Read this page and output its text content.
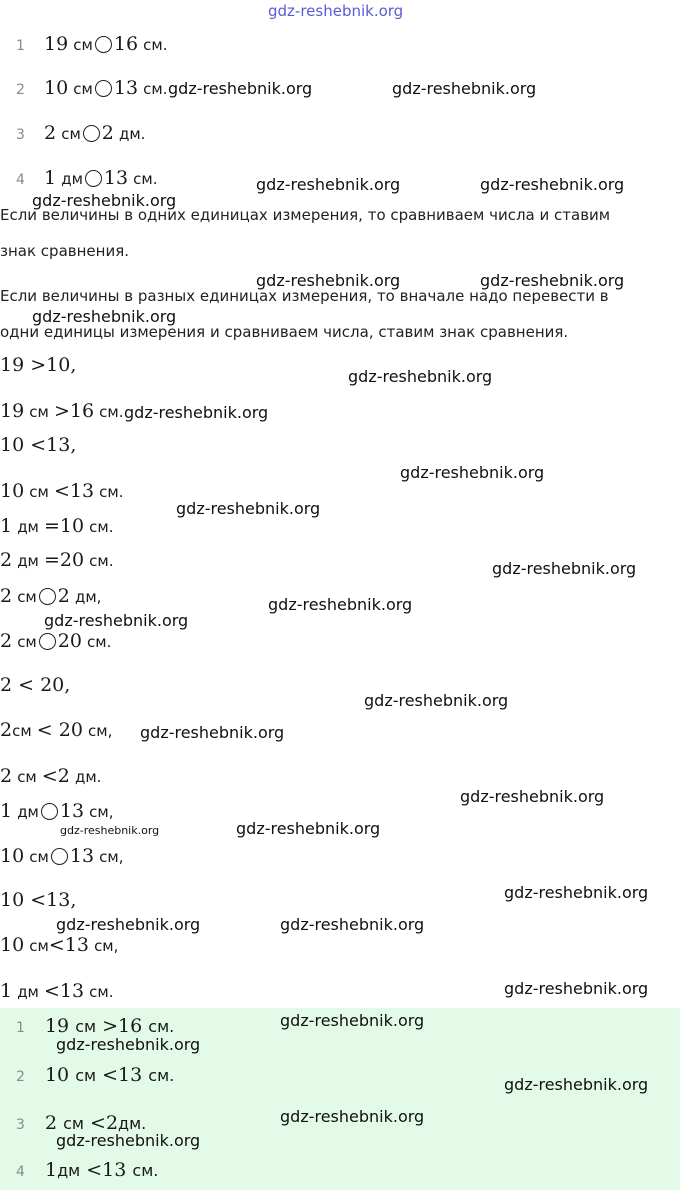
gdz-reshebnik.org
1 19 см 16 см.
2 10 см 13 см.
3 2 см 2 дм.
4 1 дм 13 см.
Если величины в одних единицах измерения, то сравниваем числа и ставим
знак сравнения.
Если величины в разных единицах измерения, то вначале надо перевести в
одни единицы измерения и сравниваем числа, ставим знак сравнения.
19 >10,
19 см >16 см.
10 <13,
10 см <13 см.
1 дм =10 см.
2 дм =20 см.
2 см 2 дм,
2 см 20 см.
2 < 20,
2см < 20 см,
2 см <2 дм.
1 дм 13 см,
10 см 13 см,
10 <13,
10 см<13 см,
1 дм <13 см.
1 19 см >16 см.
2 10 см <13 см.
3 2 см <2дм.
4 1дм <13 см.
gdz-reshebnik.org	gdz-reshebnik.org
gdz-reshebnik.org	gdz-reshebnik.org
gdz-reshebnik.org
gdz-reshebnik.org	gdz-reshebnik.org
gdz-reshebnik.org
gdz-reshebnik.org
gdz-reshebnik.org
gdz-reshebnik.org
gdz-reshebnik.org
gdz-reshebnik.org
gdz-reshebnik.org
gdz-reshebnik.org
gdz-reshebnik.org
gdz-reshebnik.org
gdz-reshebnik.org
gdz-reshebnik.org
gdz-reshebnik.org
gdz-reshebnik.org
gdz-reshebnik.org	gdz-reshebnik.org
gdz-reshebnik.org
gdz-reshebnik.org
gdz-reshebnik.org
gdz-reshebnik.org
gdz-reshebnik.org
gdz-reshebnik.org
